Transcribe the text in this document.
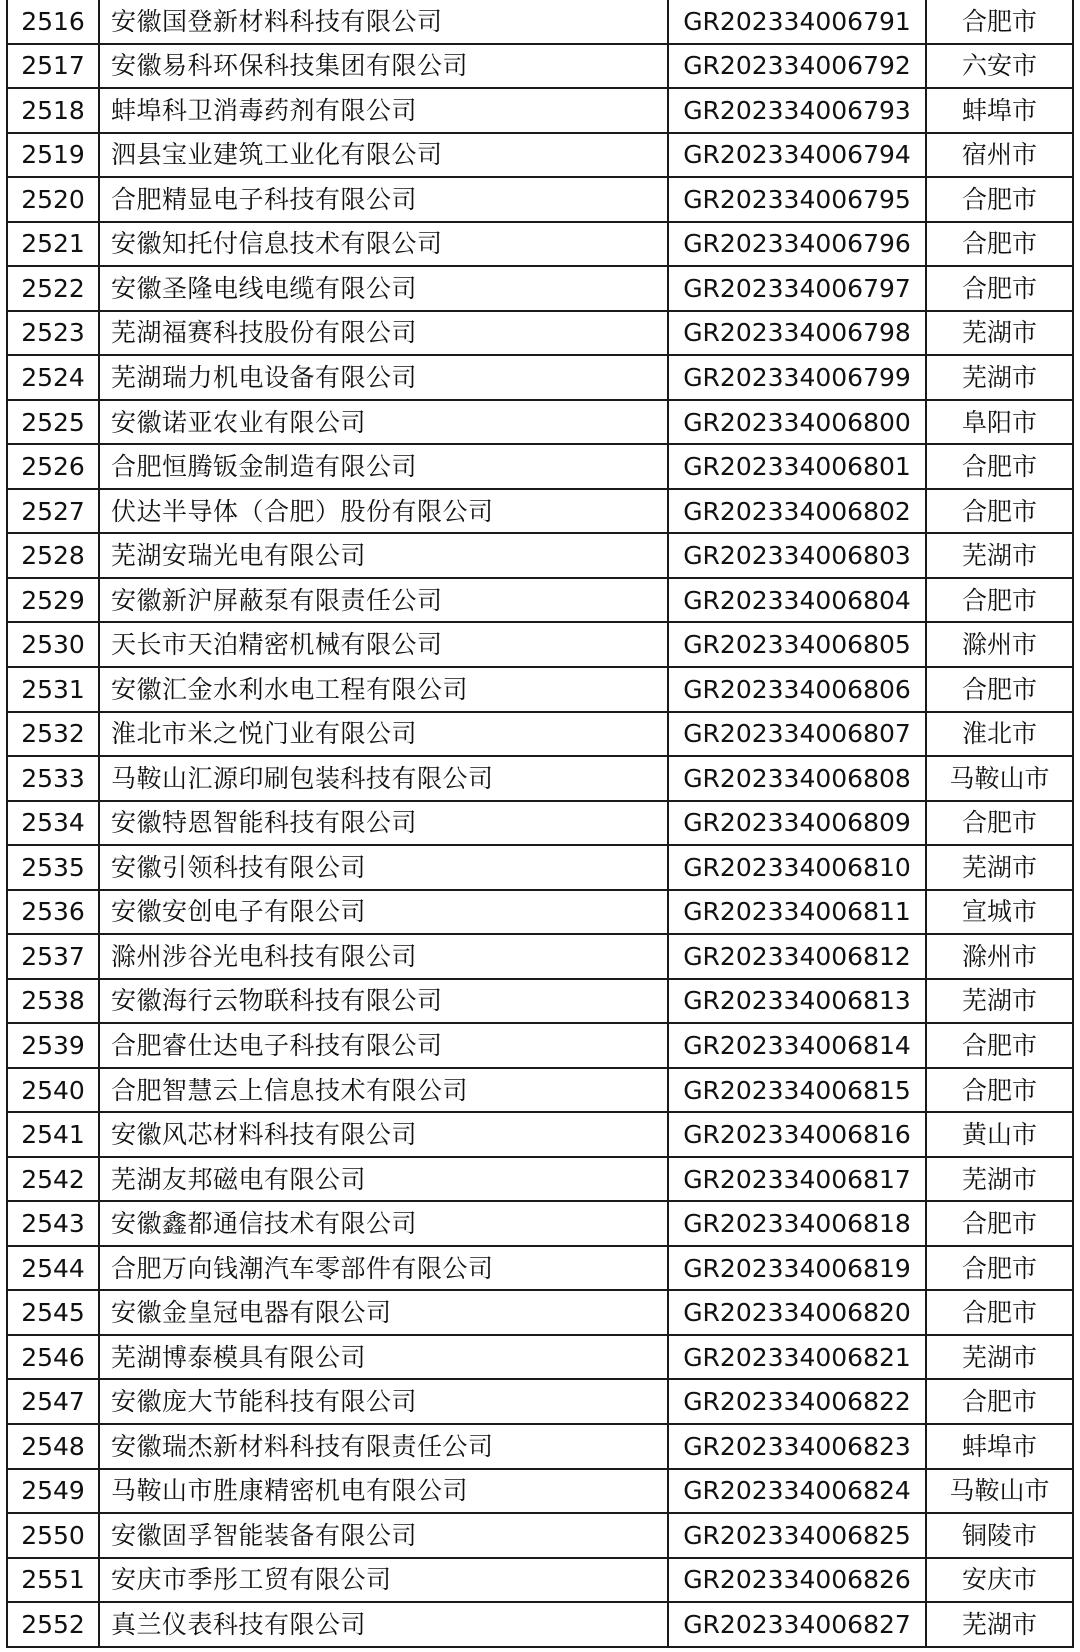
2516	安徽国登新材料科技有限公司	GR202334006791	合肥市
2517	安徽易科环保科技集团有限公司	GR202334006792	六安市
2518	蚌埠科卫消毒药剂有限公司	GR202334006793	蚌埠市
2519	泗县宝业建筑工业化有限公司	GR202334006794	宿州市
2520	合肥精显电子科技有限公司	GR202334006795	合肥市
2521	安徽知托付信息技术有限公司	GR202334006796	合肥市
2522	安徽圣隆电线电缆有限公司	GR202334006797	合肥市
2523	芜湖福赛科技股份有限公司	GR202334006798	芜湖市
2524	芜湖瑞力机电设备有限公司	GR202334006799	芜湖市
2525	安徽诺亚农业有限公司	GR202334006800	阜阳市
2526	合肥恒腾钣金制造有限公司	GR202334006801	合肥市
2527	伏达半导体（合肥）股份有限公司	GR202334006802	合肥市
2528	芜湖安瑞光电有限公司	GR202334006803	芜湖市
2529	安徽新沪屏蔽泵有限责任公司	GR202334006804	合肥市
2530	天长市天泊精密机械有限公司	GR202334006805	滁州市
2531	安徽汇金水利水电工程有限公司	GR202334006806	合肥市
2532	淮北市米之悦门业有限公司	GR202334006807	淮北市
2533	马鞍山汇源印刷包装科技有限公司	GR202334006808	马鞍山市
2534	安徽特恩智能科技有限公司	GR202334006809	合肥市
2535	安徽引领科技有限公司	GR202334006810	芜湖市
2536	安徽安创电子有限公司	GR202334006811	宣城市
2537	滁州涉谷光电科技有限公司	GR202334006812	滁州市
2538	安徽海行云物联科技有限公司	GR202334006813	芜湖市
2539	合肥睿仕达电子科技有限公司	GR202334006814	合肥市
2540	合肥智慧云上信息技术有限公司	GR202334006815	合肥市
2541	安徽风芯材料科技有限公司	GR202334006816	黄山市
2542	芜湖友邦磁电有限公司	GR202334006817	芜湖市
2543	安徽鑫都通信技术有限公司	GR202334006818	合肥市
2544	合肥万向钱潮汽车零部件有限公司	GR202334006819	合肥市
2545	安徽金皇冠电器有限公司	GR202334006820	合肥市
2546	芜湖博泰模具有限公司	GR202334006821	芜湖市
2547	安徽庞大节能科技有限公司	GR202334006822	合肥市
2548	安徽瑞杰新材料科技有限责任公司	GR202334006823	蚌埠市
2549	马鞍山市胜康精密机电有限公司	GR202334006824	马鞍山市
2550	安徽固孚智能装备有限公司	GR202334006825	铜陵市
2551	安庆市季彤工贸有限公司	GR202334006826	安庆市
2552	真兰仪表科技有限公司	GR202334006827	芜湖市
